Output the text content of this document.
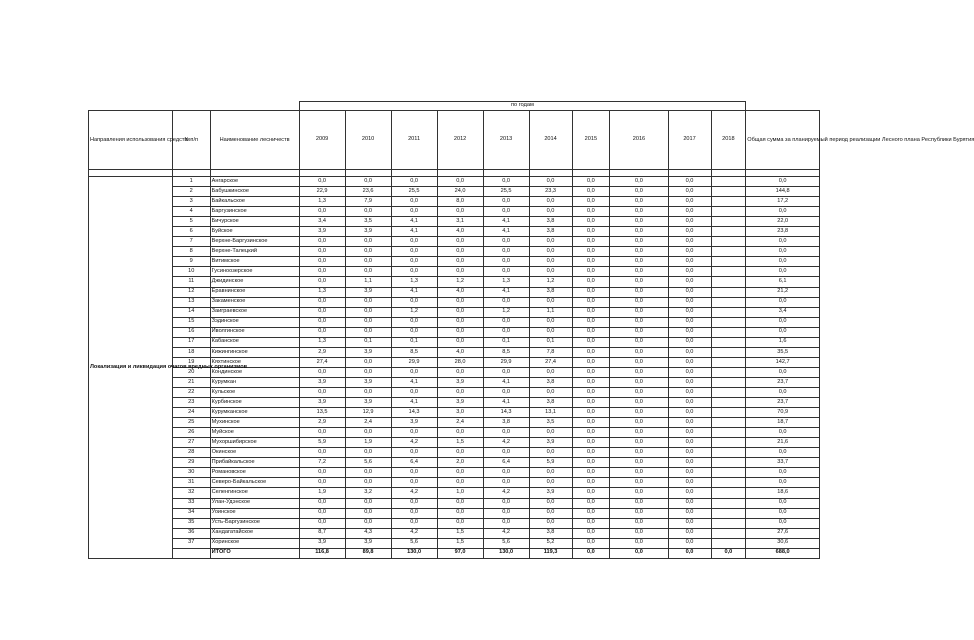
			по годам										
Направления использования средств	№п/п	Наименование лесничеств	2009	2010	2011	2012	2013	2014	2015	2016	2017	2018	Общая сумма за планируемый период реализации Лесного плана Республики Бурятия

Локализация и ликвидация очагов вредных организмов	1	Ангарское	0,0	0,0	0,0	0,0	0,0	0,0	0,0	0,0	0,0		0,0
	2	Бабушкинское	22,9	23,6	25,5	24,0	25,5	23,3	0,0	0,0	0,0		144,8
	3	Байкальское	1,3	7,9	0,0	8,0	0,0	0,0	0,0	0,0	0,0		17,2
	4	Баргузинское	0,0	0,0	0,0	0,0	0,0	0,0	0,0	0,0	0,0		0,0
	5	Бичурское	3,4	3,5	4,1	3,1	4,1	3,8	0,0	0,0	0,0		22,0
	6	Буйское	3,9	3,9	4,1	4,0	4,1	3,8	0,0	0,0	0,0		23,8
	7	Верхне-Баргузинское	0,0	0,0	0,0	0,0	0,0	0,0	0,0	0,0	0,0		0,0
	8	Верхне-Талецкий	0,0	0,0	0,0	0,0	0,0	0,0	0,0	0,0	0,0		0,0
	9	Витимское	0,0	0,0	0,0	0,0	0,0	0,0	0,0	0,0	0,0		0,0
	10	Гусиноозерское	0,0	0,0	0,0	0,0	0,0	0,0	0,0	0,0	0,0		0,0
	11	Джидинское	0,0	1,1	1,3	1,2	1,3	1,2	0,0	0,0	0,0		6,1
	12	Еравнинское	1,3	3,9	4,1	4,0	4,1	3,8	0,0	0,0	0,0		21,2
	13	Закаменское	0,0	0,0	0,0	0,0	0,0	0,0	0,0	0,0	0,0		0,0
	14	Заиграевское	0,0	0,0	1,2	0,0	1,2	1,1	0,0	0,0	0,0		3,4
	15	Зэдинское	0,0	0,0	0,0	0,0	0,0	0,0	0,0	0,0	0,0		0,0
	16	Иволгинское	0,0	0,0	0,0	0,0	0,0	0,0	0,0	0,0	0,0		0,0
	17	Кабанское	1,3	0,1	0,1	0,0	0,1	0,1	0,0	0,0	0,0		1,6
	18	Кижингинское	2,9	3,9	8,5	4,0	8,5	7,8	0,0	0,0	0,0		35,5
	19	Кяхтинское	27,4	0,0	29,9	28,0	29,9	27,4	0,0	0,0	0,0		142,7
	20	Кондинское	0,0	0,0	0,0	0,0	0,0	0,0	0,0	0,0	0,0		0,0
	21	Курумкан	3,9	3,9	4,1	3,9	4,1	3,8	0,0	0,0	0,0		23,7
	22	Кульское	0,0	0,0	0,0	0,0	0,0	0,0	0,0	0,0	0,0		0,0
	23	Курбинское	3,9	3,9	4,1	3,9	4,1	3,8	0,0	0,0	0,0		23,7
	24	Курумканское	13,5	12,9	14,3	3,0	14,3	13,1	0,0	0,0	0,0		70,9
	25	Мухинское	2,9	2,4	3,9	2,4	3,8	3,5	0,0	0,0	0,0		18,7
	26	Муйское	0,0	0,0	0,0	0,0	0,0	0,0	0,0	0,0	0,0		0,0
	27	Мухоршибирское	5,9	1,9	4,2	1,5	4,2	3,9	0,0	0,0	0,0		21,6
	28	Окинское	0,0	0,0	0,0	0,0	0,0	0,0	0,0	0,0	0,0		0,0
	29	Прибайкальское	7,2	5,6	6,4	2,0	6,4	5,9	0,0	0,0	0,0		33,7
	30	Романовское	0,0	0,0	0,0	0,0	0,0	0,0	0,0	0,0	0,0		0,0
	31	Северо-Байкальское	0,0	0,0	0,0	0,0	0,0	0,0	0,0	0,0	0,0		0,0
	32	Селенгинское	1,9	3,2	4,2	1,0	4,2	3,9	0,0	0,0	0,0		18,6
	33	Улан-Удэнское	0,0	0,0	0,0	0,0	0,0	0,0	0,0	0,0	0,0		0,0
	34	Уоинское	0,0	0,0	0,0	0,0	0,0	0,0	0,0	0,0	0,0		0,0
	35	Усть-Баргузинское	0,0	0,0	0,0	0,0	0,0	0,0	0,0	0,0	0,0		0,0
	36	Хандагатайское	8,7	4,3	4,2	1,5	4,2	3,8	0,0	0,0	0,0		27,6
	37	Хоринское	3,9	3,9	5,6	1,5	5,6	5,2	0,0	0,0	0,0		30,6
		ИТОГО	116,8	89,8	130,0	97,0	130,0	119,3	0,0	0,0	0,0	0,0	688,0
